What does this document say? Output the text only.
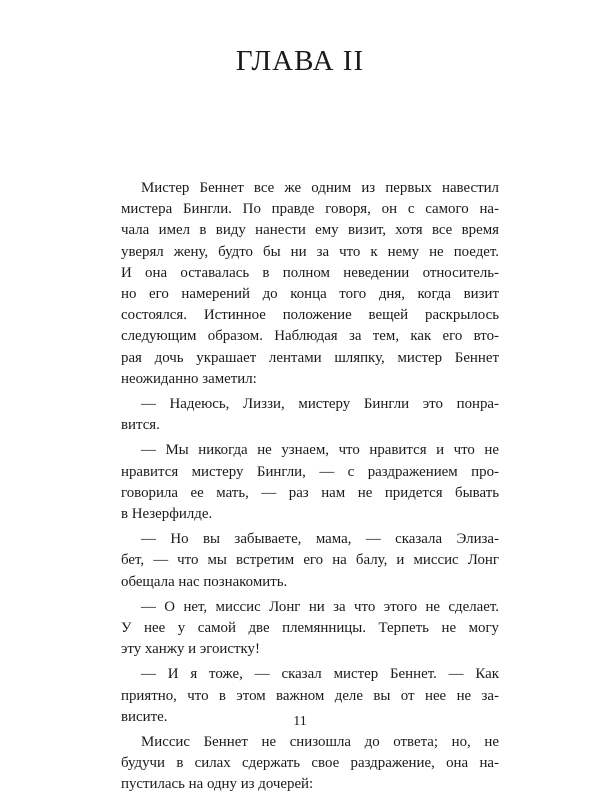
ГЛАВА II

Мистер Беннет все же одним из первых навестил
мистера Бингли. По правде говоря, он с самого на-
чала имел в виду нанести ему визит, хотя все время
уверял жену, будто бы ни за что к нему не поедет.
И она оставалась в полном неведении относитель-
но его намерений до конца того дня, когда визит
состоялся. Истинное положение вещей раскрылось
следующим образом. Наблюдая за тем, как его вто-
рая дочь украшает лентами шляпку, мистер Беннет
неожиданно заметил:

— Надеюсь, Лиззи, мистеру Бингли это понра-
вится.

— Мы никогда не узнаем, что нравится и что не
нравится мистеру Бингли, — с раздражением про-
говорила ее мать, — раз нам не придется бывать
в Незерфилде.

— Но вы забываете, мама, — сказала Элиза-
бет, — что мы встретим его на балу, и миссис Лонг
обещала нас познакомить.

— О нет, миссис Лонг ни за что этого не сделает.
У нее у самой две племянницы. Терпеть не могу
эту ханжу и эгоистку!

— И я тоже, — сказал мистер Беннет. — Как
приятно, что в этом важном деле вы от нее не за-
висите.

Миссис Беннет не снизошла до ответа; но, не
будучи в силах сдержать свое раздражение, она на-
пустилась на одну из дочерей:

11
